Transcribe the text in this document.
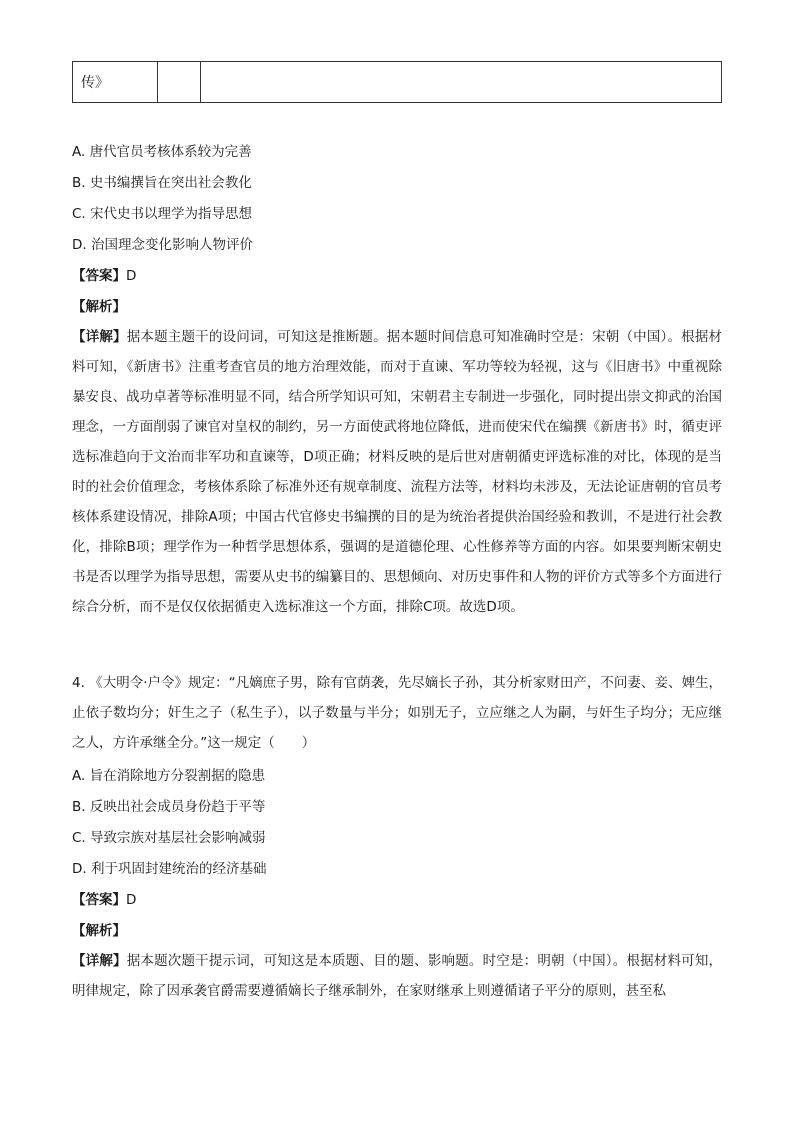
传》		
A. 唐代官员考核体系较为完善
B. 史书编撰旨在突出社会教化
C. 宋代史书以理学为指导思想
D. 治国理念变化影响人物评价
【答案】D
【解析】
【详解】据本题主题干的设问词，可知这是推断题。据本题时间信息可知准确时空是：宋朝（中国）。根据材料可知，《新唐书》注重考查官员的地方治理效能，而对于直谏、军功等较为轻视，这与《旧唐书》中重视除暴安良、战功卓著等标准明显不同，结合所学知识可知，宋朝君主专制进一步强化，同时提出崇文抑武的治国理念，一方面削弱了谏官对皇权的制约，另一方面使武将地位降低，进而使宋代在编撰《新唐书》时，循吏评选标准趋向于文治而非军功和直谏等，D项正确；材料反映的是后世对唐朝循吏评选标准的对比，体现的是当时的社会价值理念，考核体系除了标准外还有规章制度、流程方法等，材料均未涉及，无法论证唐朝的官员考核体系建设情况，排除A项；中国古代官修史书编撰的目的是为统治者提供治国经验和教训，不是进行社会教化，排除B项；理学作为一种哲学思想体系，强调的是道德伦理、心性修养等方面的内容。如果要判断宋朝史书是否以理学为指导思想，需要从史书的编纂目的、思想倾向、对历史事件和人物的评价方式等多个方面进行综合分析，而不是仅仅依据循吏入选标准这一个方面，排除C项。故选D项。
4. 《大明令·户令》规定：“凡嫡庶子男，除有官荫袭，先尽嫡长子孙，其分析家财田产，不问妻、妾、婢生，止依子数均分；奸生之子（私生子），以子数量与半分；如别无子，立应继之人为嗣，与奸生子均分；无应继之人，方许承继全分。”这一规定（　　）
A. 旨在消除地方分裂割据的隐患
B. 反映出社会成员身份趋于平等
C. 导致宗族对基层社会影响减弱
D. 利于巩固封建统治的经济基础
【答案】D
【解析】
【详解】据本题次题干提示词，可知这是本质题、目的题、影响题。时空是：明朝（中国）。根据材料可知，明律规定，除了因承袭官爵需要遵循嫡长子继承制外，在家财继承上则遵循诸子平分的原则，甚至私
